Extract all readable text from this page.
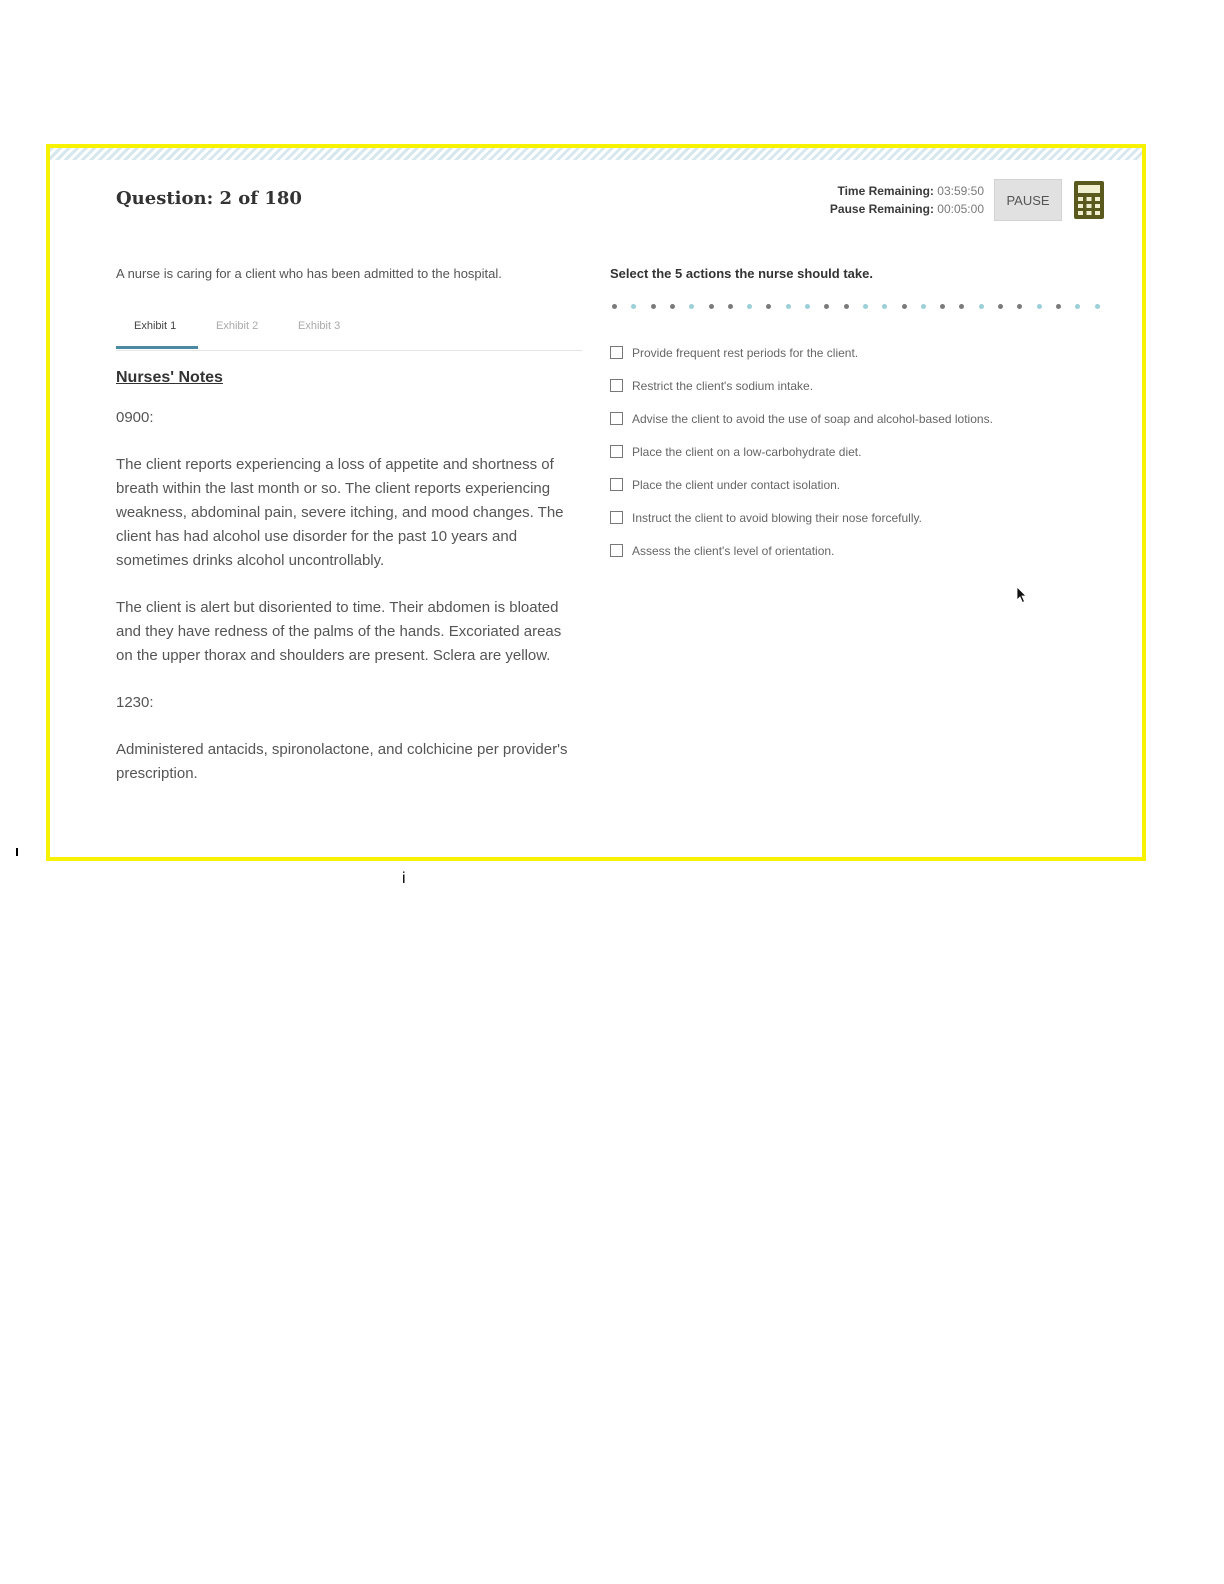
Question: 2 of 180	Time Remaining: 03:59:50
Pause Remaining: 00:05:00
PAUSE
A nurse is caring for a client who has been admitted to the hospital.
Exhibit 1	Exhibit 2	Exhibit 3
Nurses' Notes

0900:

The client reports experiencing a loss of appetite and shortness of breath within the last month or so. The client reports experiencing weakness, abdominal pain, severe itching, and mood changes. The client has had alcohol use disorder for the past 10 years and sometimes drinks alcohol uncontrollably.

The client is alert but disoriented to time. Their abdomen is bloated and they have redness of the palms of the hands. Excoriated areas on the upper thorax and shoulders are present. Sclera are yellow.

1230:

Administered antacids, spironolactone, and colchicine per provider's prescription.

Select the 5 actions the nurse should take.
Provide frequent rest periods for the client.
Restrict the client's sodium intake.
Advise the client to avoid the use of soap and alcohol-based lotions.
Place the client on a low-carbohydrate diet.
Place the client under contact isolation.
Instruct the client to avoid blowing their nose forcefully.
Assess the client's level of orientation.
i
